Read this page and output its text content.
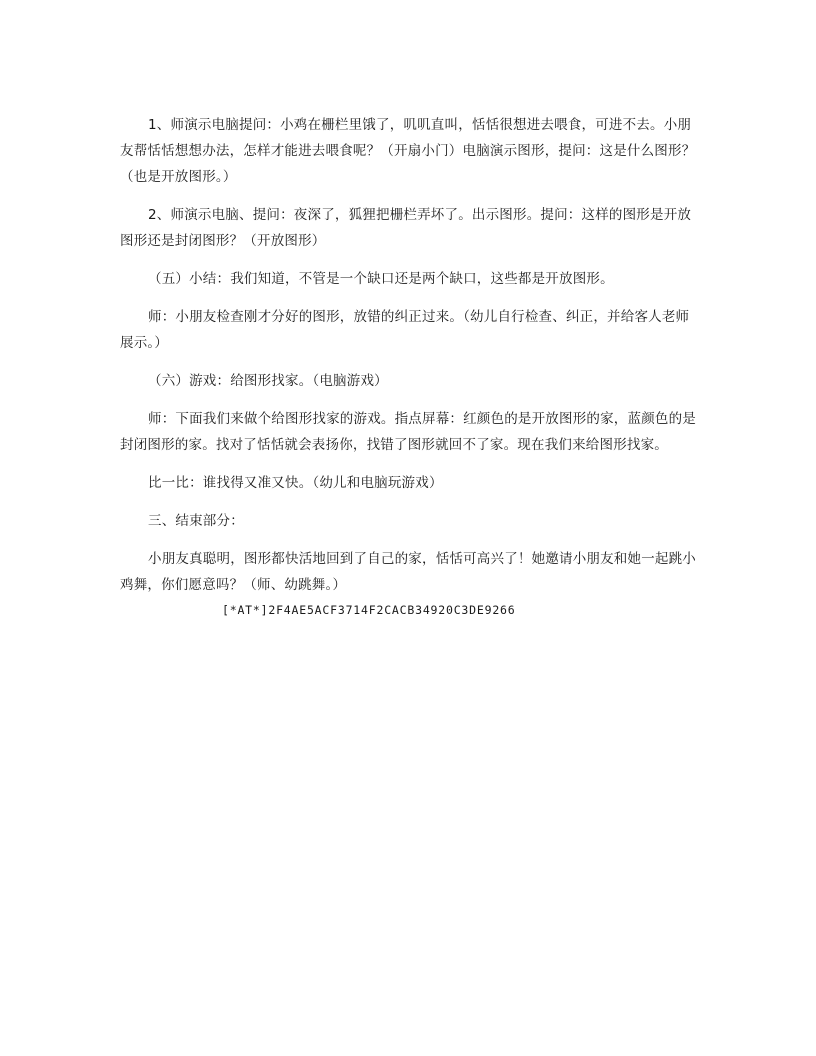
1、师演示电脑提问：小鸡在栅栏里饿了，叽叽直叫，恬恬很想进去喂食，可进不去。小朋友帮恬恬想想办法，怎样才能进去喂食呢？（开扇小门）电脑演示图形，提问：这是什么图形？（也是开放图形。）

2、师演示电脑、提问：夜深了，狐狸把栅栏弄坏了。出示图形。提问：这样的图形是开放图形还是封闭图形？（开放图形）

（五）小结：我们知道，不管是一个缺口还是两个缺口，这些都是开放图形。

师：小朋友检查刚才分好的图形，放错的纠正过来。（幼儿自行检查、纠正，并给客人老师展示。）

（六）游戏：给图形找家。（电脑游戏）

师：下面我们来做个给图形找家的游戏。指点屏幕：红颜色的是开放图形的家，蓝颜色的是封闭图形的家。找对了恬恬就会表扬你，找错了图形就回不了家。现在我们来给图形找家。

比一比：谁找得又准又快。（幼儿和电脑玩游戏）

三、结束部分：

小朋友真聪明，图形都快活地回到了自己的家，恬恬可高兴了！她邀请小朋友和她一起跳小鸡舞，你们愿意吗？（师、幼跳舞。）

[*AT*]2F4AE5ACF3714F2CACB34920C3DE9266
